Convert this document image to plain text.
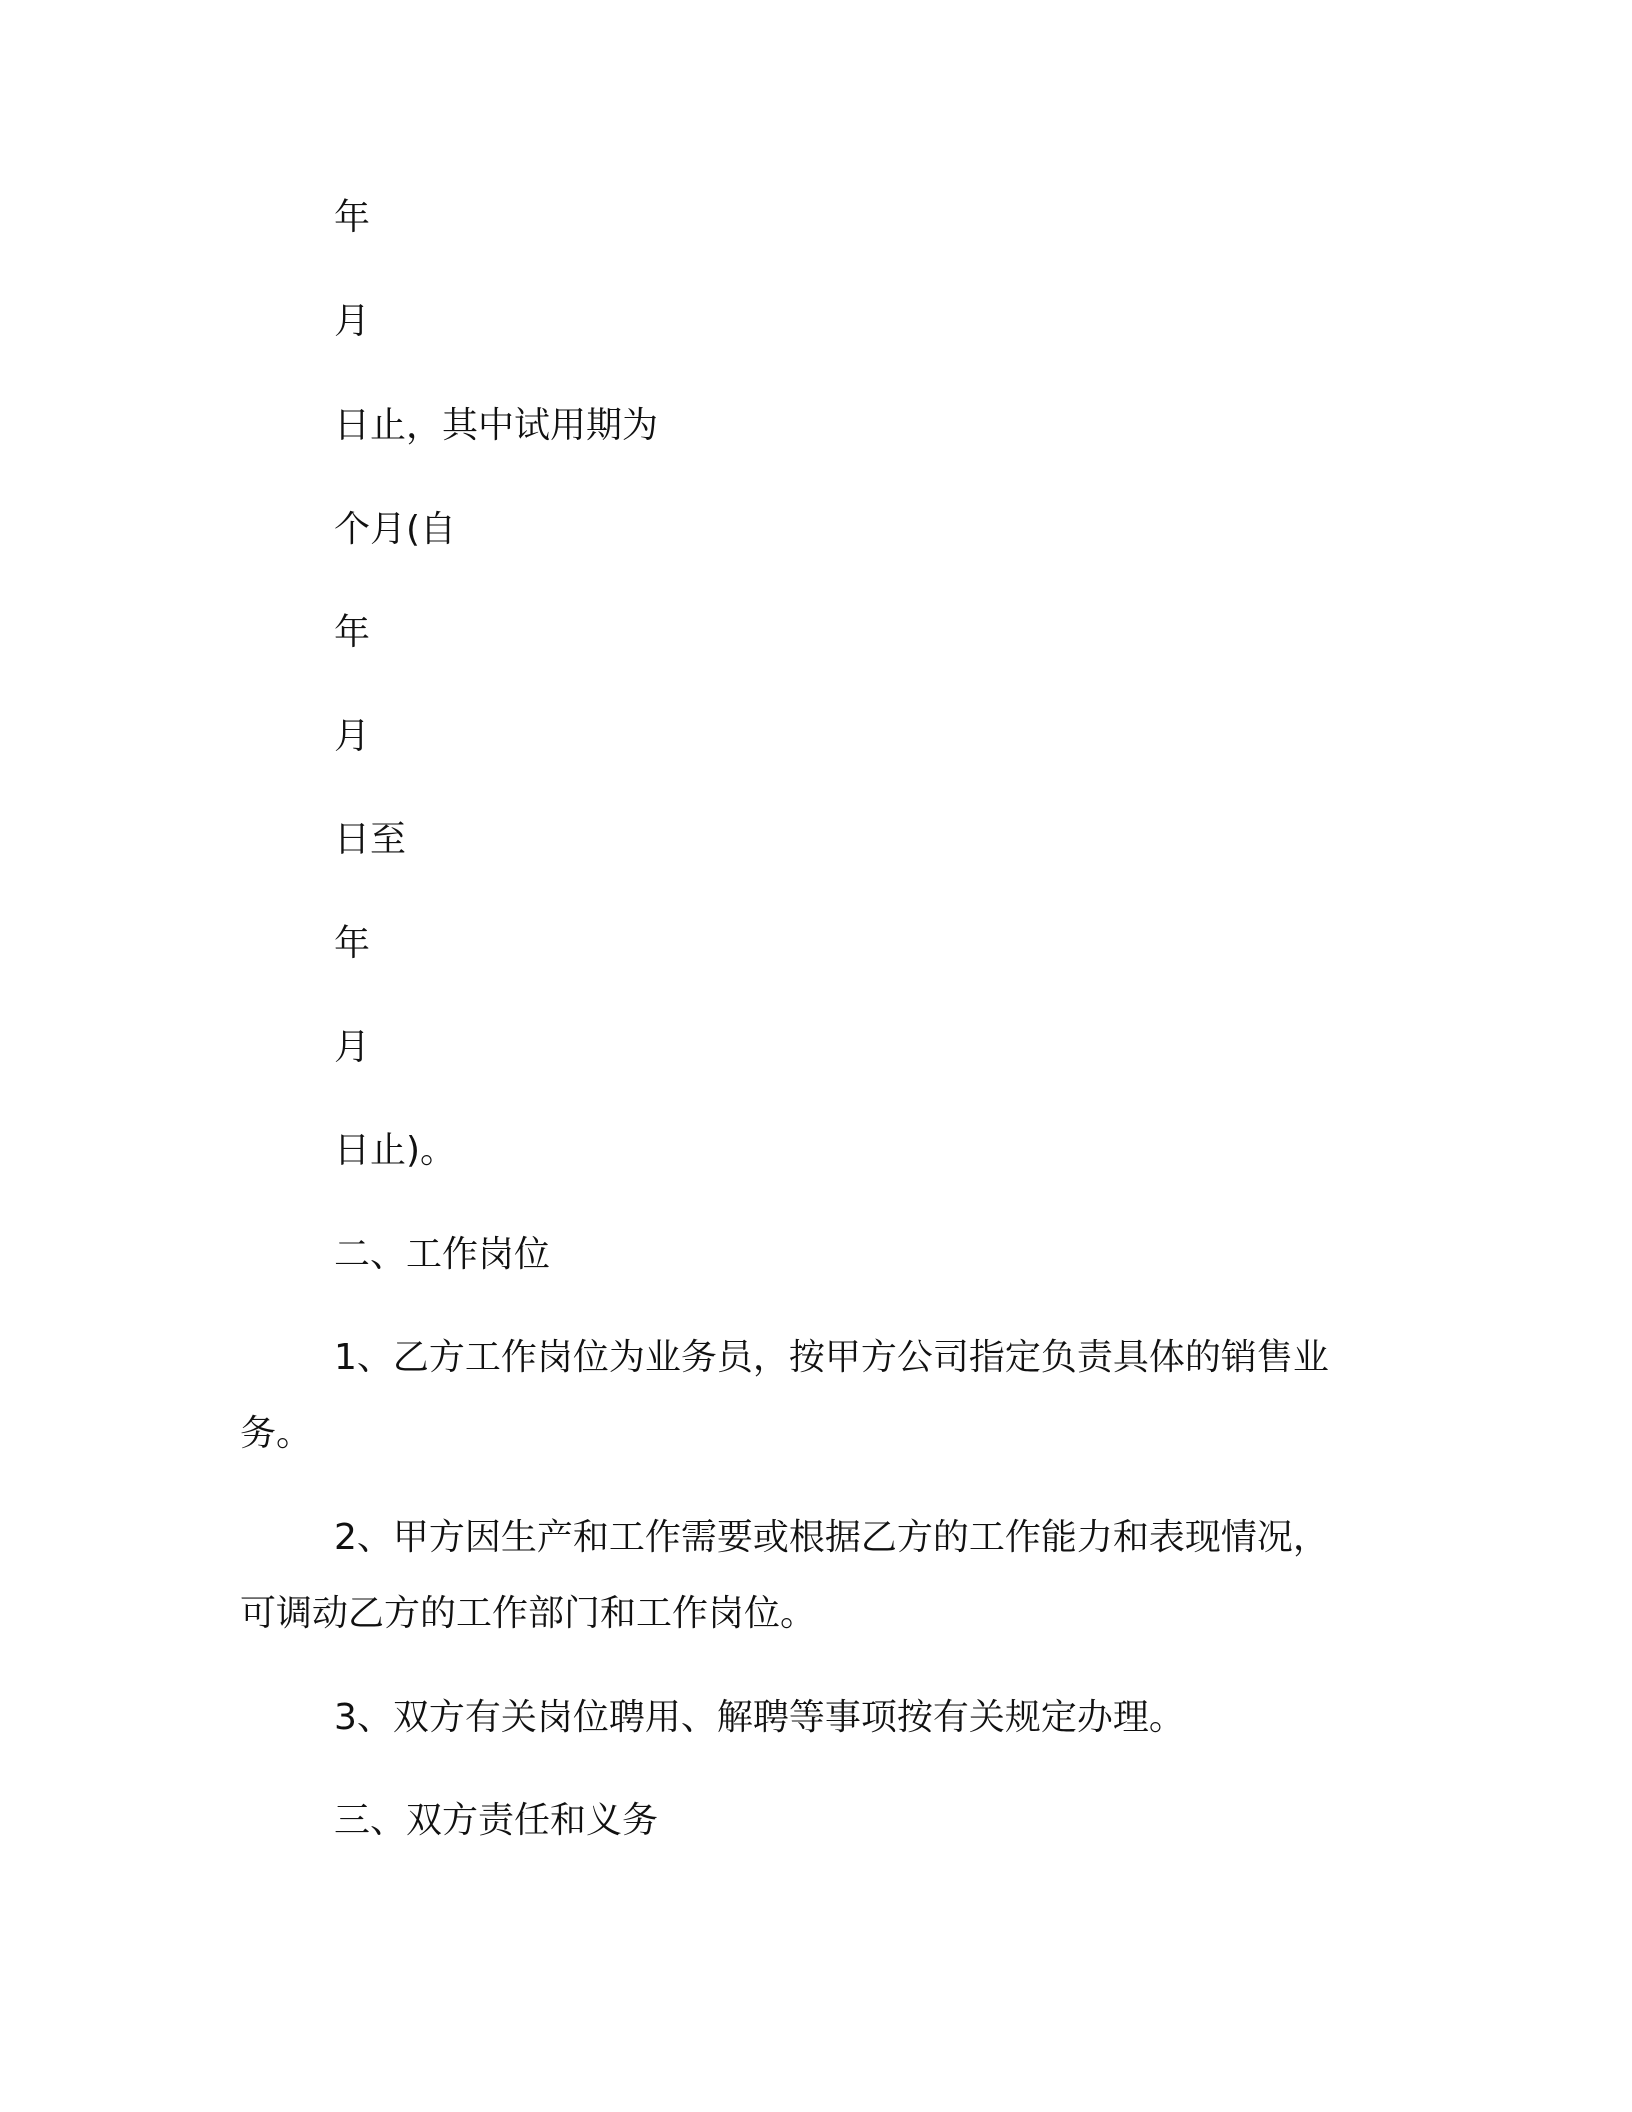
年

月

日止，其中试用期为

个月(自

年

月

日至

年

月

日止)。

二、工作岗位

1、乙方工作岗位为业务员，按甲方公司指定负责具体的销售业

务。

2、甲方因生产和工作需要或根据乙方的工作能力和表现情况，

可调动乙方的工作部门和工作岗位。

3、双方有关岗位聘用、解聘等事项按有关规定办理。

三、双方责任和义务
